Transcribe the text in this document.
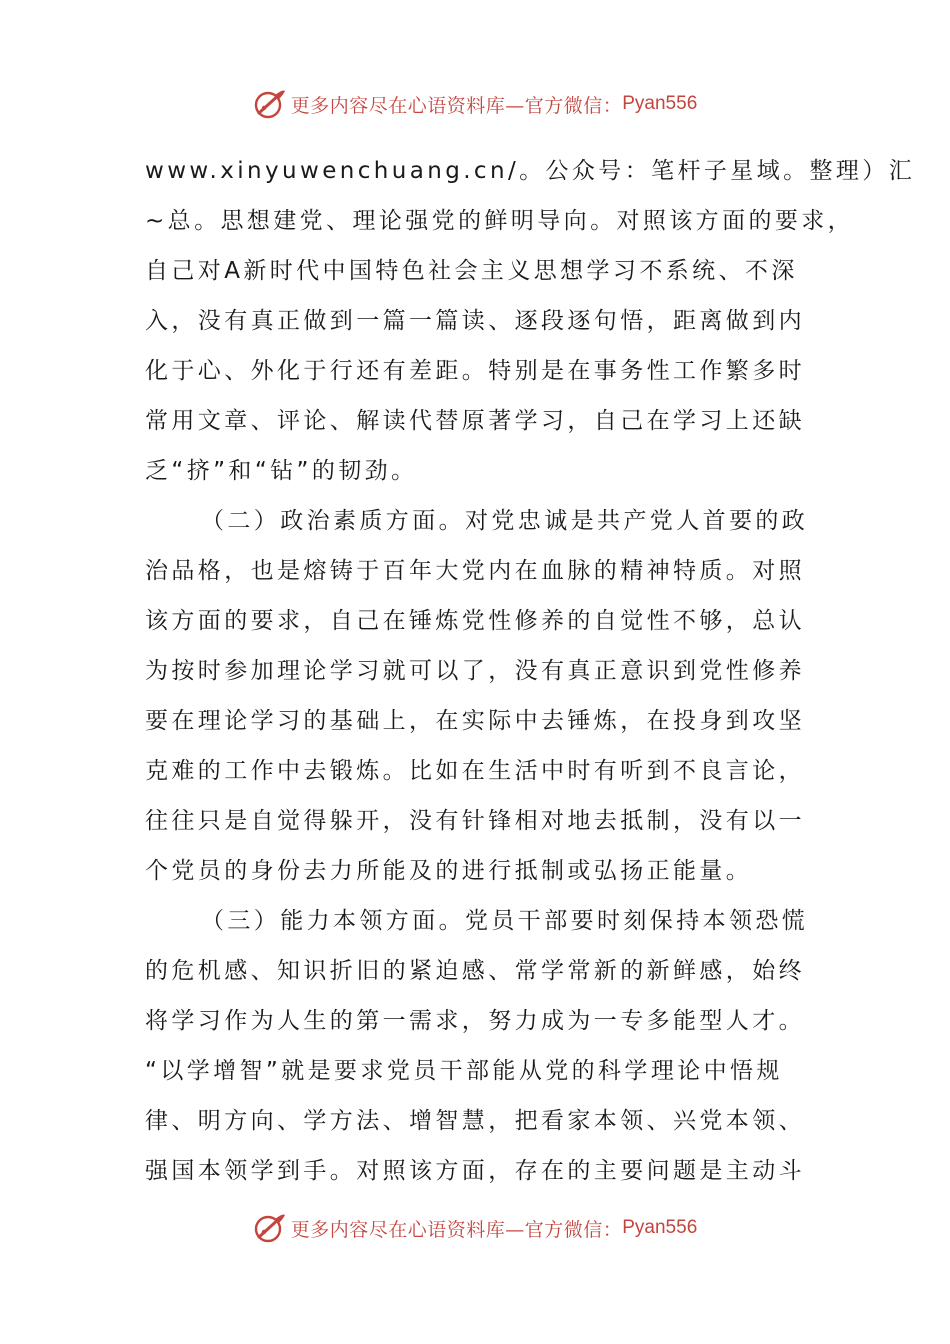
更多内容尽在心语资料库—官方微信： Pyan556

www.xinyuwenchuang.cn/。公众号：笔杆子星域。整理）汇
~总。思想建党、理论强党的鲜明导向。对照该方面的要求，
自己对A新时代中国特色社会主义思想学习不系统、不深
入，没有真正做到一篇一篇读、逐段逐句悟，距离做到内
化于心、外化于行还有差距。特别是在事务性工作繁多时
常用文章、评论、解读代替原著学习，自己在学习上还缺
乏“挤”和“钻”的韧劲。

（二）政治素质方面。对党忠诚是共产党人首要的政
治品格，也是熔铸于百年大党内在血脉的精神特质。对照
该方面的要求，自己在锤炼党性修养的自觉性不够，总认
为按时参加理论学习就可以了，没有真正意识到党性修养
要在理论学习的基础上，在实际中去锤炼，在投身到攻坚
克难的工作中去锻炼。比如在生活中时有听到不良言论，
往往只是自觉得躲开，没有针锋相对地去抵制，没有以一
个党员的身份去力所能及的进行抵制或弘扬正能量。

（三）能力本领方面。党员干部要时刻保持本领恐慌
的危机感、知识折旧的紧迫感、常学常新的新鲜感，始终
将学习作为人生的第一需求，努力成为一专多能型人才。
“以学增智”就是要求党员干部能从党的科学理论中悟规
律、明方向、学方法、增智慧，把看家本领、兴党本领、
强国本领学到手。对照该方面，存在的主要问题是主动斗

更多内容尽在心语资料库—官方微信： Pyan556
